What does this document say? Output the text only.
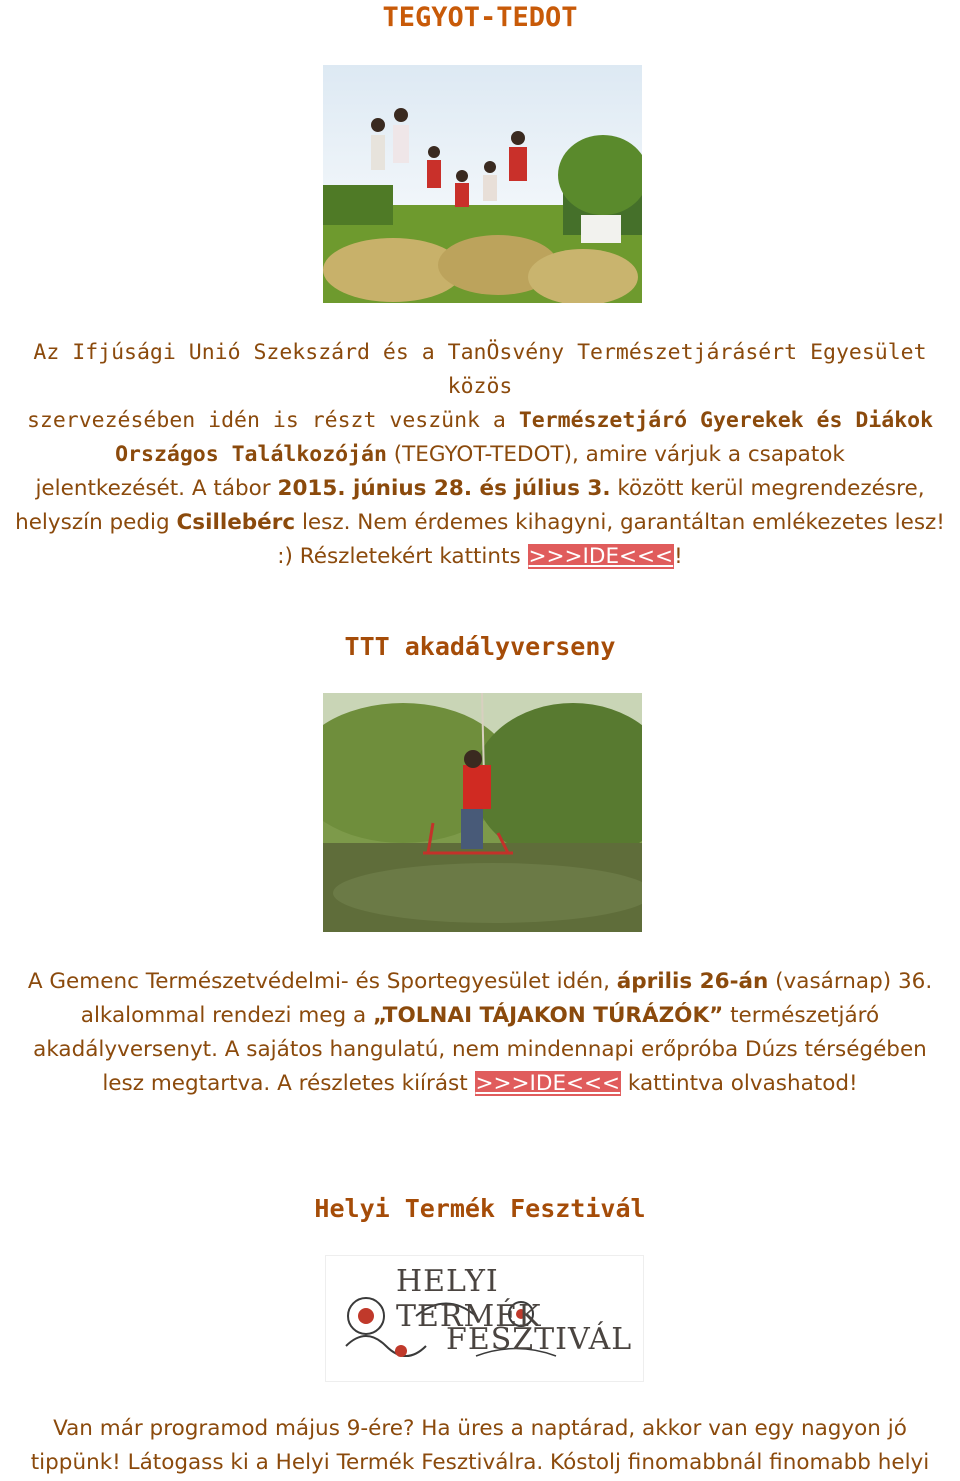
TEGYOT-TEDOT
Az Ifjúsági Unió Szekszárd és a TanÖsvény Természetjárásért Egyesület közös
szervezésében idén is részt veszünk a Természetjáró Gyerekek és Diákok
Országos Találkozóján (TEGYOT-TEDOT), amire várjuk a csapatok
jelentkezését. A tábor 2015. június 28. és július 3. között kerül megrendezésre,
helyszín pedig Csillebérc lesz. Nem érdemes kihagyni, garantáltan emlékezetes lesz!
:) Részletekért kattints >>>IDE<<<!
TTT akadályverseny
A Gemenc Természetvédelmi- és Sportegyesület idén, április 26-án (vasárnap) 36.
alkalommal rendezi meg a „TOLNAI TÁJAKON TÚRÁZÓK” természetjáró
akadályversenyt. A sajátos hangulatú, nem mindennapi erőpróba Dúzs térségében
lesz megtartva. A részletes kiírást >>>IDE<<< kattintva olvashatod!
Helyi Termék Fesztivál
HELYI TERMÉK
FESZTIVÁL
Van már programod május 9-ére? Ha üres a naptárad, akkor van egy nagyon jó
tippünk! Látogass ki a Helyi Termék Fesztiválra. Kóstolj finomabbnál finomabb helyi
